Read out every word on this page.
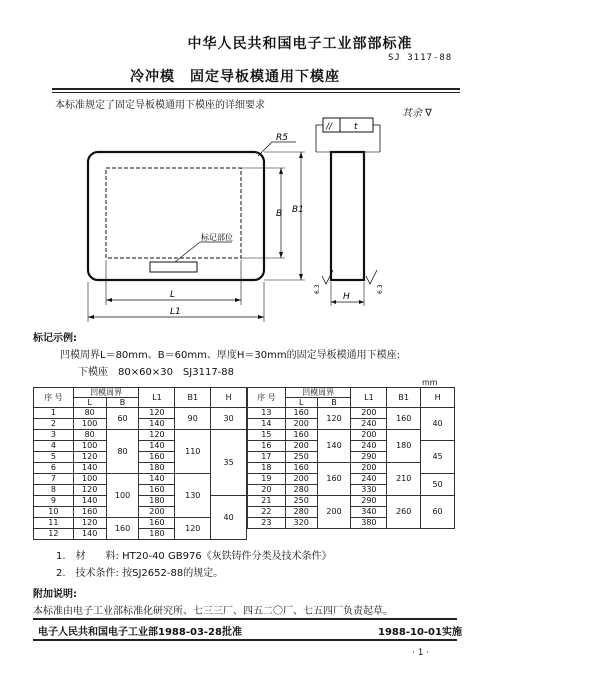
中华人民共和国电子工业部部标准
SJ 3117-88
冷冲模　固定导板模通用下模座
本标准规定了固定导板模通用下模座的详细要求
其余 ∇
R5
B B1
标记部位
L
L1
// t
H
6.3	6.3
标记示例:
凹模周界L＝80mm、B＝60mm、厚度H＝30mm的固定导板模通用下模座:
下模座　80×60×30　SJ3117-88
mm
序 号	凹模周界		L1	B1	H
	L	B			
1	80	60	120	90	30
2	100		140		
3	80	80	120	110	35
4	100		140		
5	120		160		
6	140		180		
7	100	100	140	130	
8	120		160		
9	140		180		40
10	160		200		
11	120	160	160	120	
12	140		180		
序 号	凹模周界		L1	B1	H
	L	B			
13	160	120	200	160	40
14	200		240		
15	160	140	200	180	
16	200		240		45
17	250		290		
18	160	160	200	210	
19	200		240		50
20	280		330		
21	250	200	290	260	60
22	280		340		
23	320		380		
1.　材　　料: HT20-40 GB976《灰铁铸件分类及技术条件》
2.　技术条件: 按SJ2652-88的规定。
附加说明:
本标准由电子工业部标准化研究所、七三三厂、四五二〇厂、七五四厂负责起草。
电子人民共和国电子工业部1988-03-28批准	1988-10-01实施
· 1 ·
